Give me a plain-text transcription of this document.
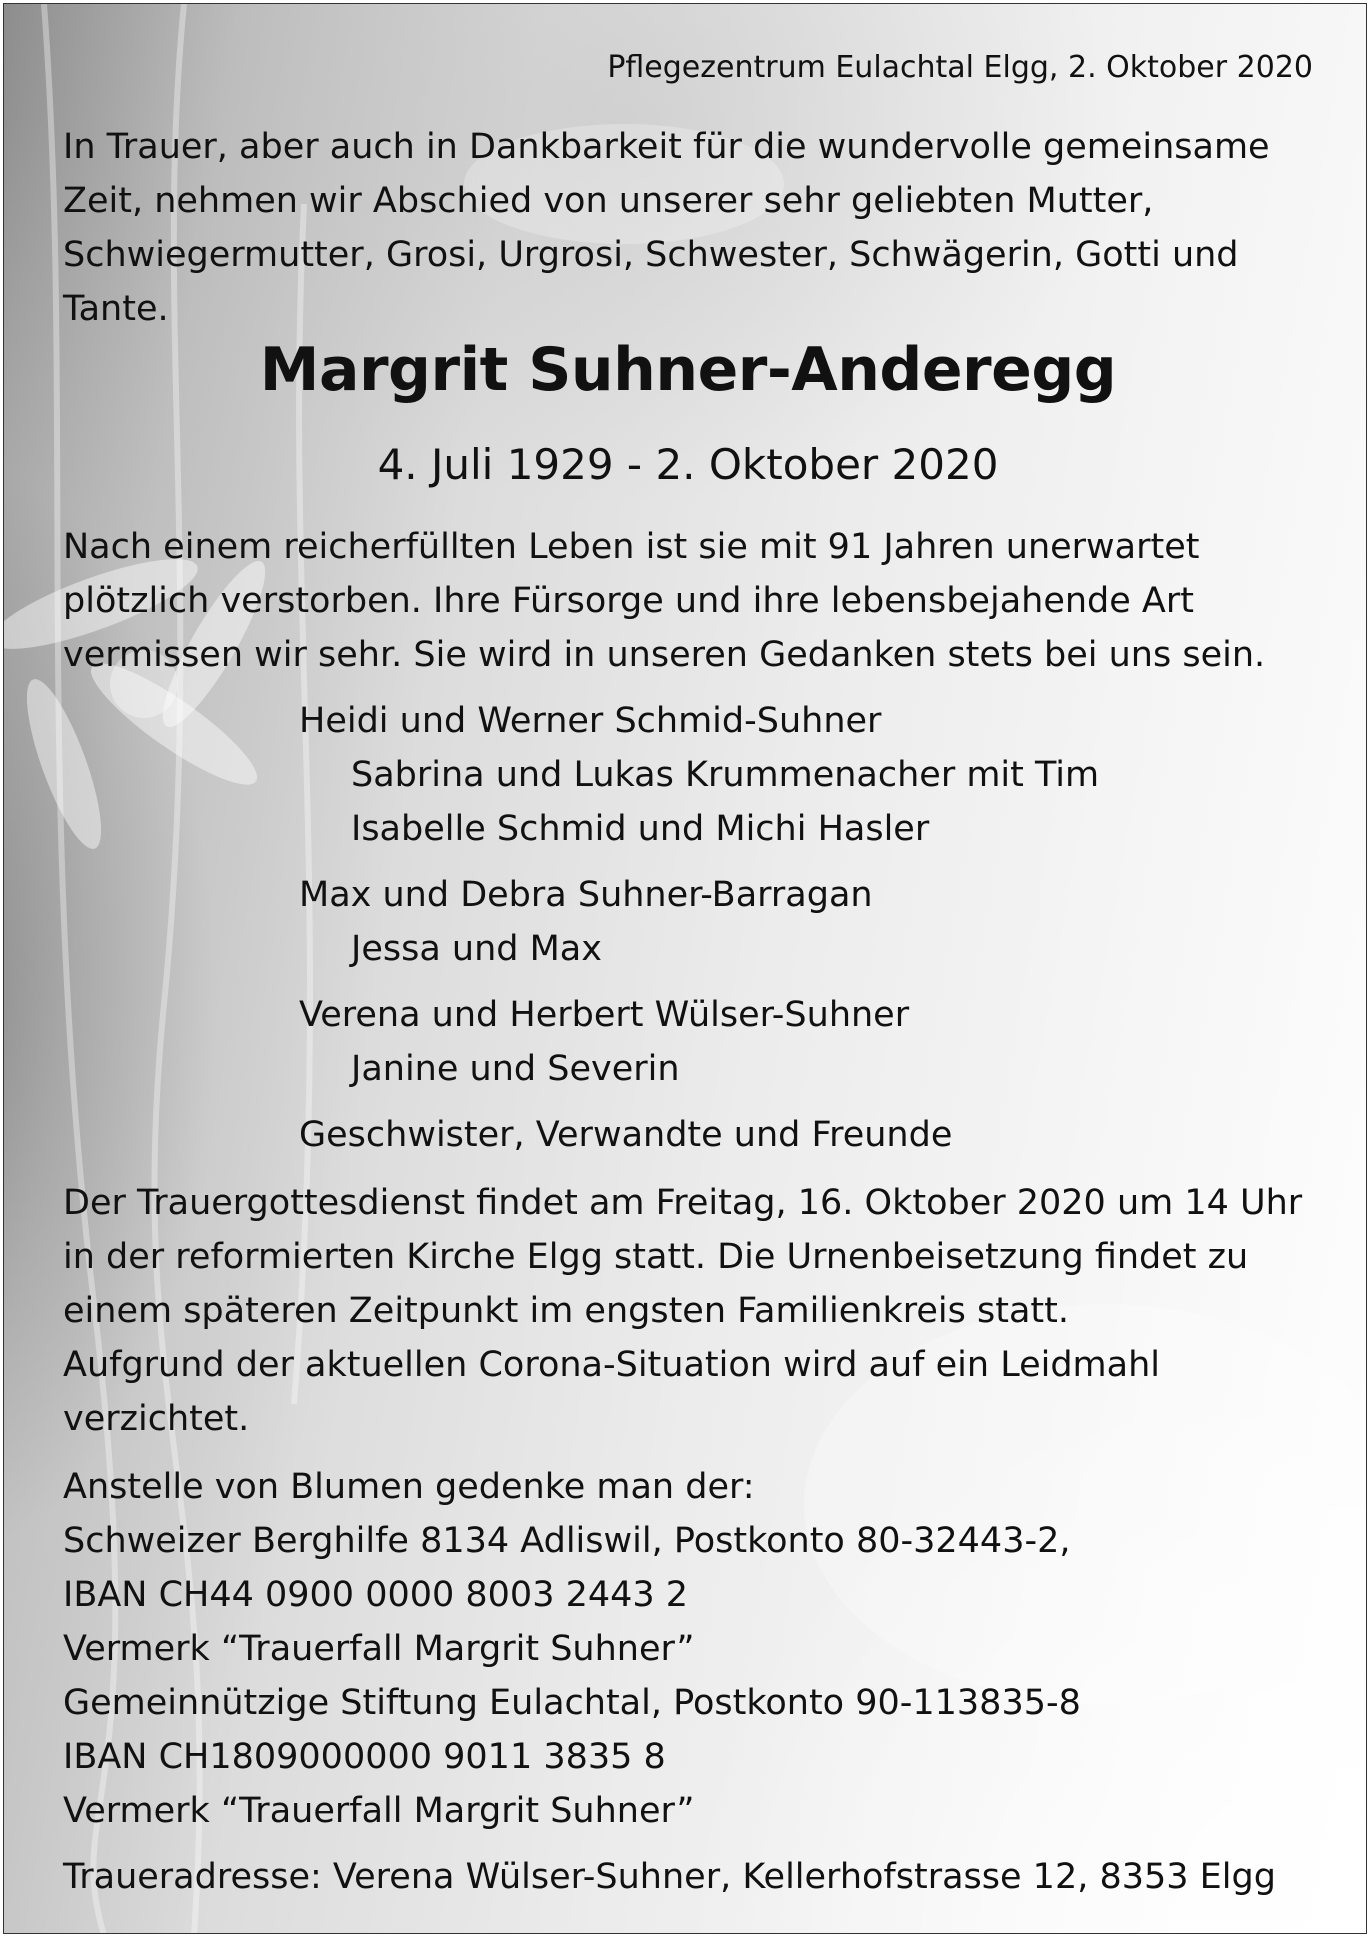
Pflegezentrum Eulachtal Elgg, 2. Oktober 2020

In Trauer, aber auch in Dankbarkeit für die wundervolle gemeinsame Zeit, nehmen wir Abschied von unserer sehr geliebten Mutter, Schwiegermutter, Grosi, Urgrosi, Schwester, Schwägerin, Gotti und Tante.

Margrit Suhner-Anderegg
4. Juli 1929 - 2. Oktober 2020

Nach einem reicherfüllten Leben ist sie mit 91 Jahren unerwartet plötzlich verstorben. Ihre Fürsorge und ihre lebensbejahende Art vermissen wir sehr. Sie wird in unseren Gedanken stets bei uns sein.

Heidi und Werner Schmid-Suhner
Sabrina und Lukas Krummenacher mit Tim
Isabelle Schmid und Michi Hasler
Max und Debra Suhner-Barragan
Jessa und Max
Verena und Herbert Wülser-Suhner
Janine und Severin
Geschwister, Verwandte und Freunde

Der Trauergottesdienst findet am Freitag, 16. Oktober 2020 um 14 Uhr in der reformierten Kirche Elgg statt. Die Urnenbeisetzung findet zu einem späteren Zeitpunkt im engsten Familienkreis statt.

Aufgrund der aktuellen Corona-Situation wird auf ein Leidmahl verzichtet.

Anstelle von Blumen gedenke man der:

Schweizer Berghilfe 8134 Adliswil, Postkonto 80-32443-2,

IBAN CH44 0900 0000 8003 2443 2

Vermerk “Trauerfall Margrit Suhner”

Gemeinnützige Stiftung Eulachtal, Postkonto 90-113835-8

IBAN CH1809000000 9011 3835 8

Vermerk “Trauerfall Margrit Suhner”

Traueradresse: Verena Wülser-Suhner, Kellerhofstrasse 12, 8353 Elgg
